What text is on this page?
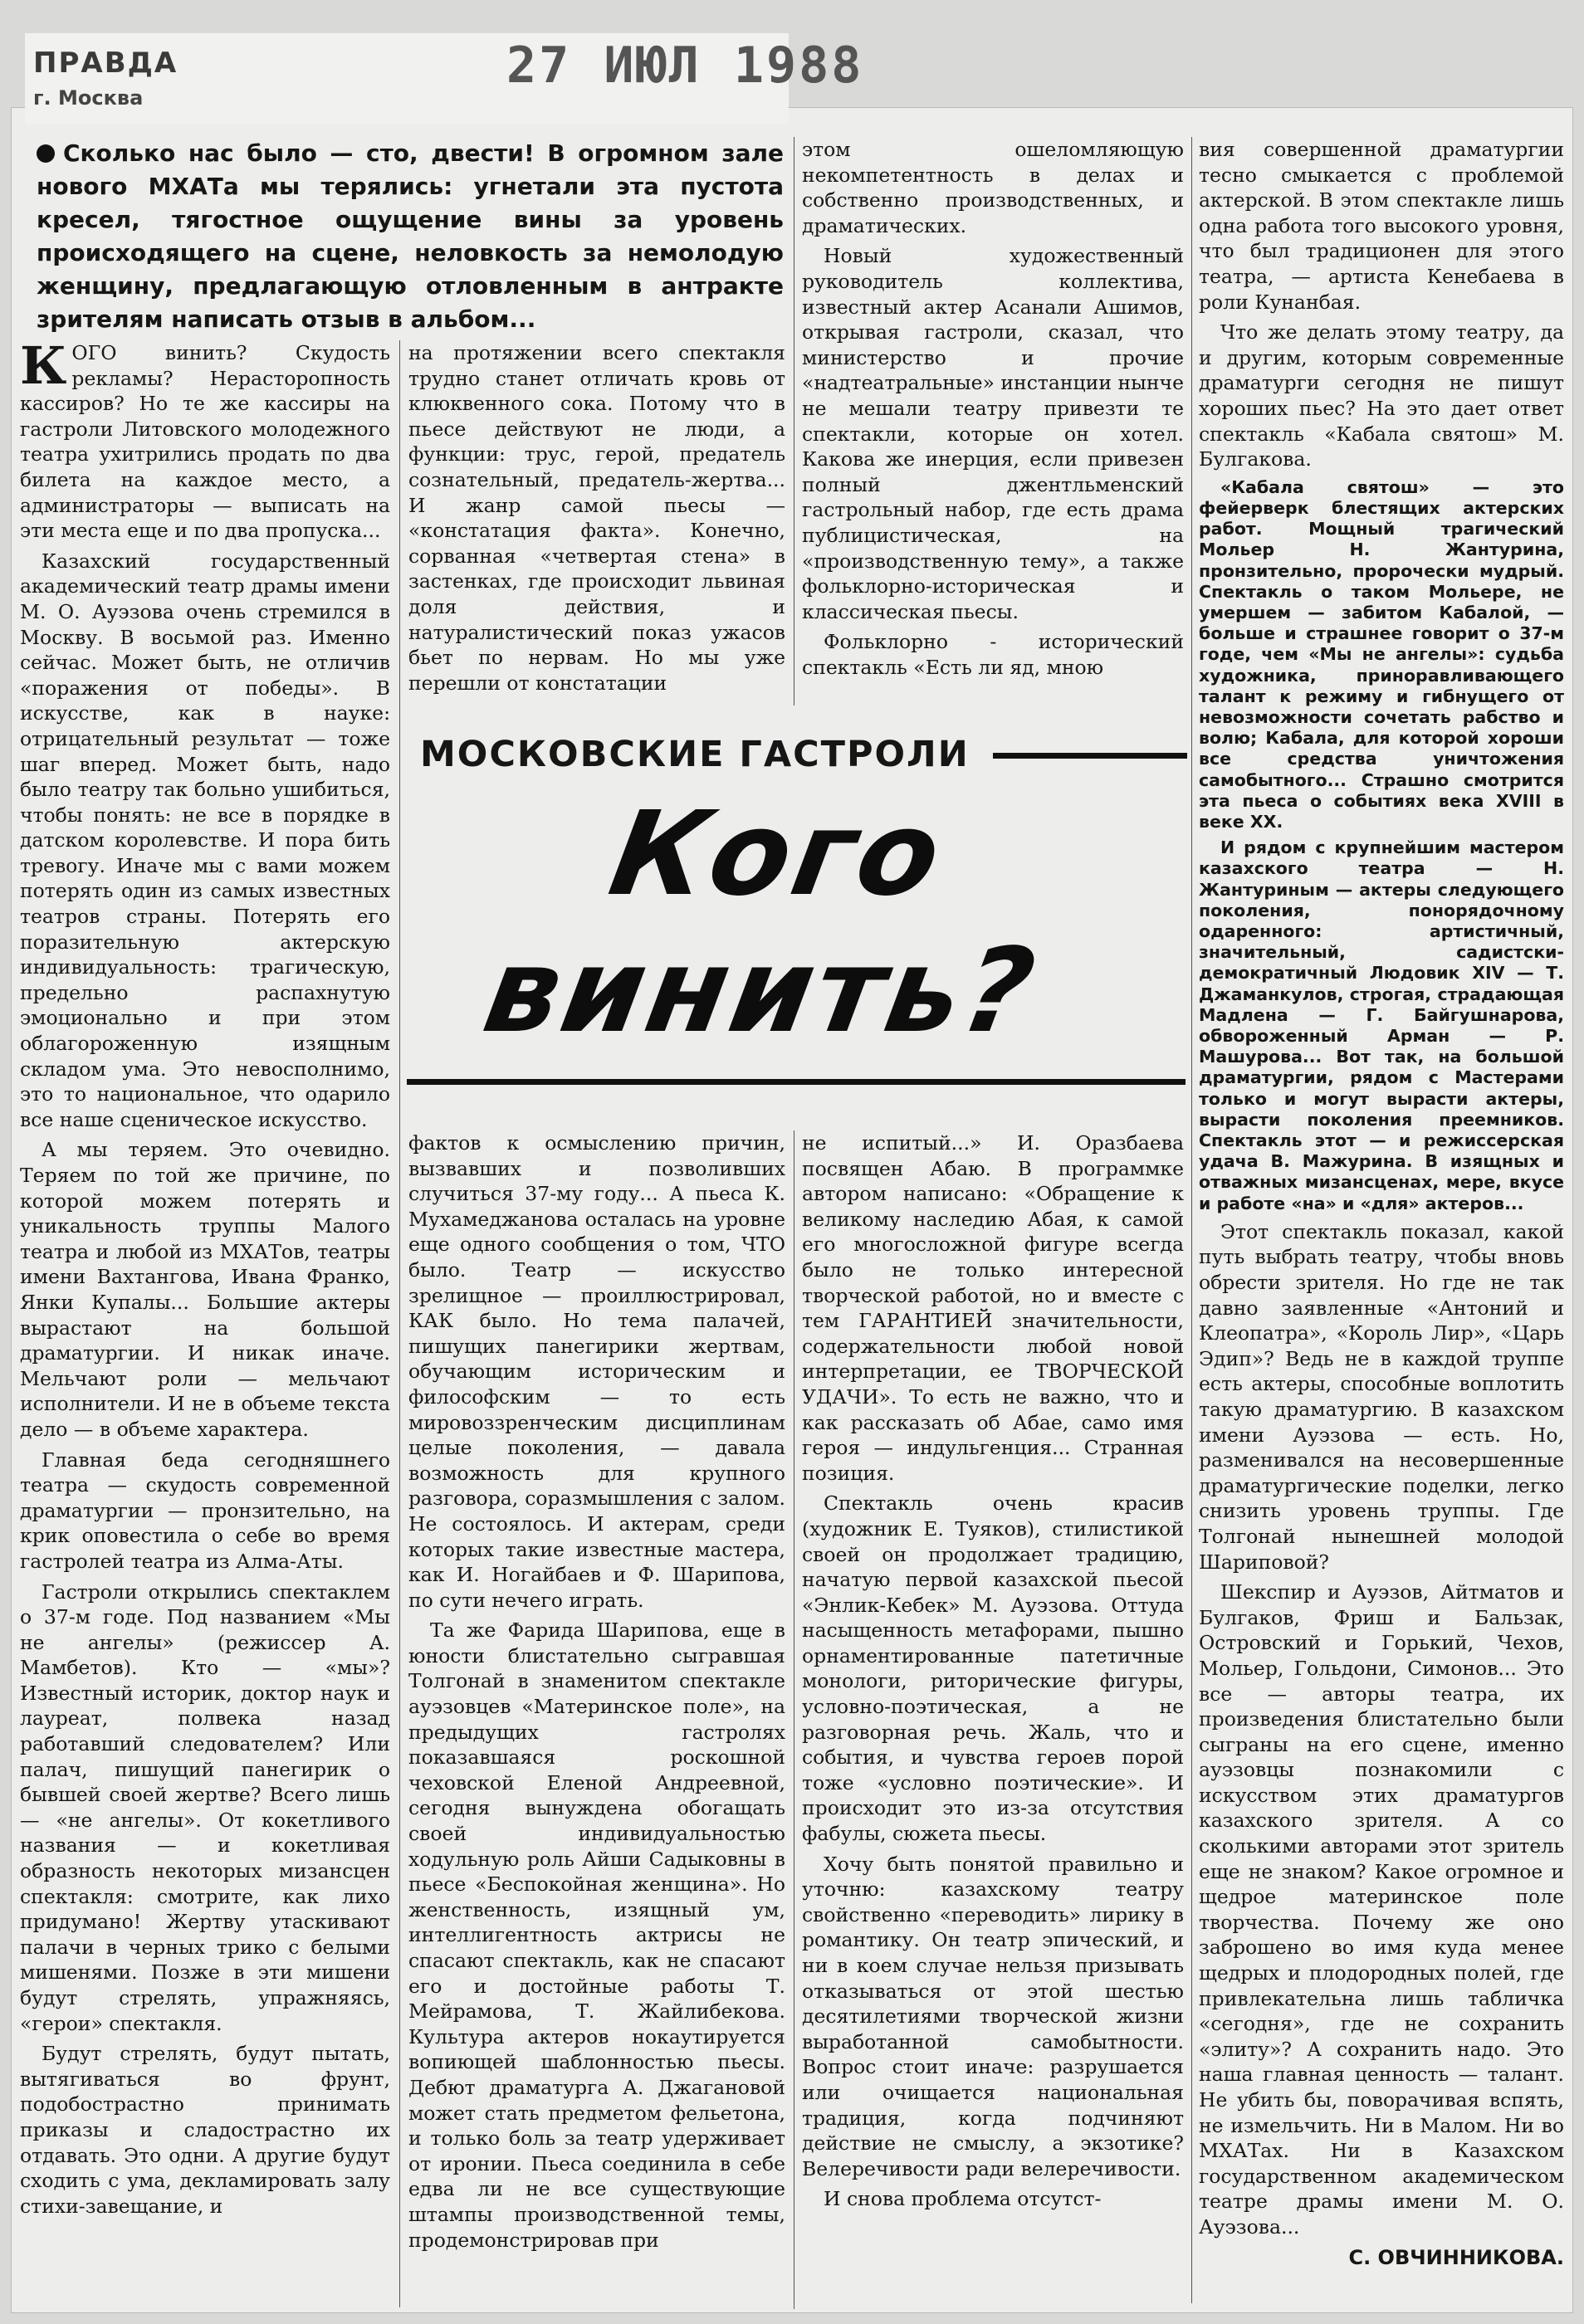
ПРАВДА
г. Москва
27 ИЮЛ 1988

Сколько нас было — сто, двести! В огромном зале нового МХАТа мы терялись: угнетали эта пустота кресел, тягостное ощущение вины за уровень происходящего на сцене, неловкость за немолодую женщину, предлагающую отловленным в антракте зрителям написать отзыв в альбом...

КОГО винить? Скудость рекламы? Нерасторопность кассиров? Но те же кассиры на гастроли Литовского молодежного театра ухитрились продать по два билета на каждое место, а администраторы — выписать на эти места еще и по два пропуска...

Казахский государственный академический театр драмы имени М. О. Ауэзова очень стремился в Москву. В восьмой раз. Именно сейчас. Может быть, не отличив «поражения от победы». В искусстве, как в науке: отрицательный результат — тоже шаг вперед. Может быть, надо было театру так больно ушибиться, чтобы понять: не все в порядке в датском королевстве. И пора бить тревогу. Иначе мы с вами можем потерять один из самых известных театров страны. Потерять его поразительную актерскую индивидуальность: трагическую, предельно распахнутую эмоционально и при этом облагороженную изящным складом ума. Это невосполнимо, это то национальное, что одарило все наше сценическое искусство.

А мы теряем. Это очевидно. Теряем по той же причине, по которой можем потерять и уникальность труппы Малого театра и любой из МХАТов, театры имени Вахтангова, Ивана Франко, Янки Купалы... Большие актеры вырастают на большой драматургии. И никак иначе. Мельчают роли — мельчают исполнители. И не в объеме текста дело — в объеме характера.

Главная беда сегодняшнего театра — скудость современной драматургии — пронзительно, на крик оповестила о себе во время гастролей театра из Алма-Аты.

Гастроли открылись спектаклем о 37-м годе. Под названием «Мы не ангелы» (режиссер А. Мамбетов). Кто — «мы»? Известный историк, доктор наук и лауреат, полвека назад работавший следователем? Или палач, пишущий панегирик о бывшей своей жертве? Всего лишь — «не ангелы». От кокетливого названия — и кокетливая образность некоторых мизансцен спектакля: смотрите, как лихо придумано! Жертву утаскивают палачи в черных трико с белыми мишенями. Позже в эти мишени будут стрелять, упражняясь, «герои» спектакля.

Будут стрелять, будут пытать, вытягиваться во фрунт, подобострастно принимать приказы и сладострастно их отдавать. Это одни. А другие будут сходить с ума, декламировать залу стихи-завещание, и

на протяжении всего спектакля трудно станет отличать кровь от клюквенного сока. Потому что в пьесе действуют не люди, а функции: трус, герой, предатель сознательный, предатель-жертва... И жанр самой пьесы — «констатация факта». Конечно, сорванная «четвертая стена» в застенках, где происходит львиная доля действия, и натуралистический показ ужасов бьет по нервам. Но мы уже перешли от констатации

этом ошеломляющую некомпетентность в делах и собственно производственных, и драматических.

Новый художественный руководитель коллектива, известный актер Асанали Ашимов, открывая гастроли, сказал, что министерство и прочие «надтеатральные» инстанции нынче не мешали театру привезти те спектакли, которые он хотел. Какова же инерция, если привезен полный джентльменский гастрольный набор, где есть драма публицистическая, на «производственную тему», а также фольклорно-историческая и классическая пьесы.

Фольклорно - исторический спектакль «Есть ли яд, мною

вия совершенной драматургии тесно смыкается с проблемой актерской. В этом спектакле лишь одна работа того высокого уровня, что был традиционен для этого театра, — артиста Кенебаева в роли Кунанбая.

Что же делать этому театру, да и другим, которым современные драматурги сегодня не пишут хороших пьес? На это дает ответ спектакль «Кабала святош» М. Булгакова.

«Кабала святош» — это фейерверк блестящих актерских работ. Мощный трагический Мольер Н. Жантурина, пронзительно, пророчески мудрый. Спектакль о таком Мольере, не умершем — забитом Кабалой, — больше и страшнее говорит о 37-м годе, чем «Мы не ангелы»: судьба художника, приноравливающего талант к режиму и гибнущего от невозможности сочетать рабство и волю; Кабала, для которой хороши все средства уничтожения самобытного... Страшно смотрится эта пьеса о событиях века XVIII в веке XX.

И рядом с крупнейшим мастером казахского театра — Н. Жантуриным — актеры следующего поколения, понорядочному одаренного: артистичный, значительный, садистски-демократичный Людовик XIV — Т. Джаманкулов, строгая, страдающая Мадлена — Г. Байгушнарова, обвороженный Арман — Р. Машурова... Вот так, на большой драматургии, рядом с Мастерами только и могут вырасти актеры, вырасти поколения преемников. Спектакль этот — и режиссерская удача В. Мажурина. В изящных и отважных мизансценах, мере, вкусе и работе «на» и «для» актеров...

Этот спектакль показал, какой путь выбрать театру, чтобы вновь обрести зрителя. Но где не так давно заявленные «Антоний и Клеопатра», «Король Лир», «Царь Эдип»? Ведь не в каждой труппе есть актеры, способные воплотить такую драматургию. В казахском имени Ауэзова — есть. Но, разменивался на несовершенные драматургические поделки, легко снизить уровень труппы. Где Толгонай нынешней молодой Шариповой?

Шекспир и Ауэзов, Айтматов и Булгаков, Фриш и Бальзак, Островский и Горький, Чехов, Мольер, Гольдони, Симонов... Это все — авторы театра, их произведения блистательно были сыграны на его сцене, именно ауэзовцы познакомили с искусством этих драматургов казахского зрителя. А со сколькими авторами этот зритель еще не знаком? Какое огромное и щедрое материнское поле творчества. Почему же оно заброшено во имя куда менее щедрых и плодородных полей, где привлекательна лишь табличка «сегодня», где не сохранить «элиту»? А сохранить надо. Это наша главная ценность — талант. Не убить бы, поворачивая вспять, не измельчить. Ни в Малом. Ни во МХАТах. Ни в Казахском государственном академическом театре драмы имени М. О. Ауэзова...

С. ОВЧИННИКОВА.

МОСКОВСКИЕ ГАСТРОЛИ
Кого
винить?

фактов к осмыслению причин, вызвавших и позволивших случиться 37-му году... А пьеса К. Мухамеджанова осталась на уровне еще одного сообщения о том, ЧТО было. Театр — искусство зрелищное — проиллюстрировал, КАК было. Но тема палачей, пишущих панегирики жертвам, обучающим историческим и философским — то есть мировоззренческим дисциплинам целые поколения, — давала возможность для крупного разговора, соразмышления с залом. Не состоялось. И актерам, среди которых такие известные мастера, как И. Ногайбаев и Ф. Шарипова, по сути нечего играть.

Та же Фарида Шарипова, еще в юности блистательно сыгравшая Толгонай в знаменитом спектакле ауэзовцев «Материнское поле», на предыдущих гастролях показавшаяся роскошной чеховской Еленой Андреевной, сегодня вынуждена обогащать своей индивидуальностью ходульную роль Айши Садыковны в пьесе «Беспокойная женщина». Но женственность, изящный ум, интеллигентность актрисы не спасают спектакль, как не спасают его и достойные работы Т. Мейрамова, Т. Жайлибекова. Культура актеров нокаутируется вопиющей шаблонностью пьесы. Дебют драматурга А. Джагановой может стать предметом фельетона, и только боль за театр удерживает от иронии. Пьеса соединила в себе едва ли не все существующие штампы производственной темы, продемонстрировав при

не испитый...» И. Оразбаева посвящен Абаю. В программке автором написано: «Обращение к великому наследию Абая, к самой его многосложной фигуре всегда было не только интересной творческой работой, но и вместе с тем ГАРАНТИЕЙ значительности, содержательности любой новой интерпретации, ее ТВОРЧЕСКОЙ УДАЧИ». То есть не важно, что и как рассказать об Абае, само имя героя — индульгенция... Странная позиция.

Спектакль очень красив (художник Е. Туяков), стилистикой своей он продолжает традицию, начатую первой казахской пьесой «Энлик-Кебек» М. Ауэзова. Оттуда насыщенность метафорами, пышно орнаментированные патетичные монологи, риторические фигуры, условно-поэтическая, а не разговорная речь. Жаль, что и события, и чувства героев порой тоже «условно поэтические». И происходит это из-за отсутствия фабулы, сюжета пьесы.

Хочу быть понятой правильно и уточню: казахскому театру свойственно «переводить» лирику в романтику. Он театр эпический, и ни в коем случае нельзя призывать отказываться от этой шестью десятилетиями творческой жизни выработанной самобытности. Вопрос стоит иначе: разрушается или очищается национальная традиция, когда подчиняют действие не смыслу, а экзотике? Велеречивости ради велеречивости.

И снова проблема отсутст-
